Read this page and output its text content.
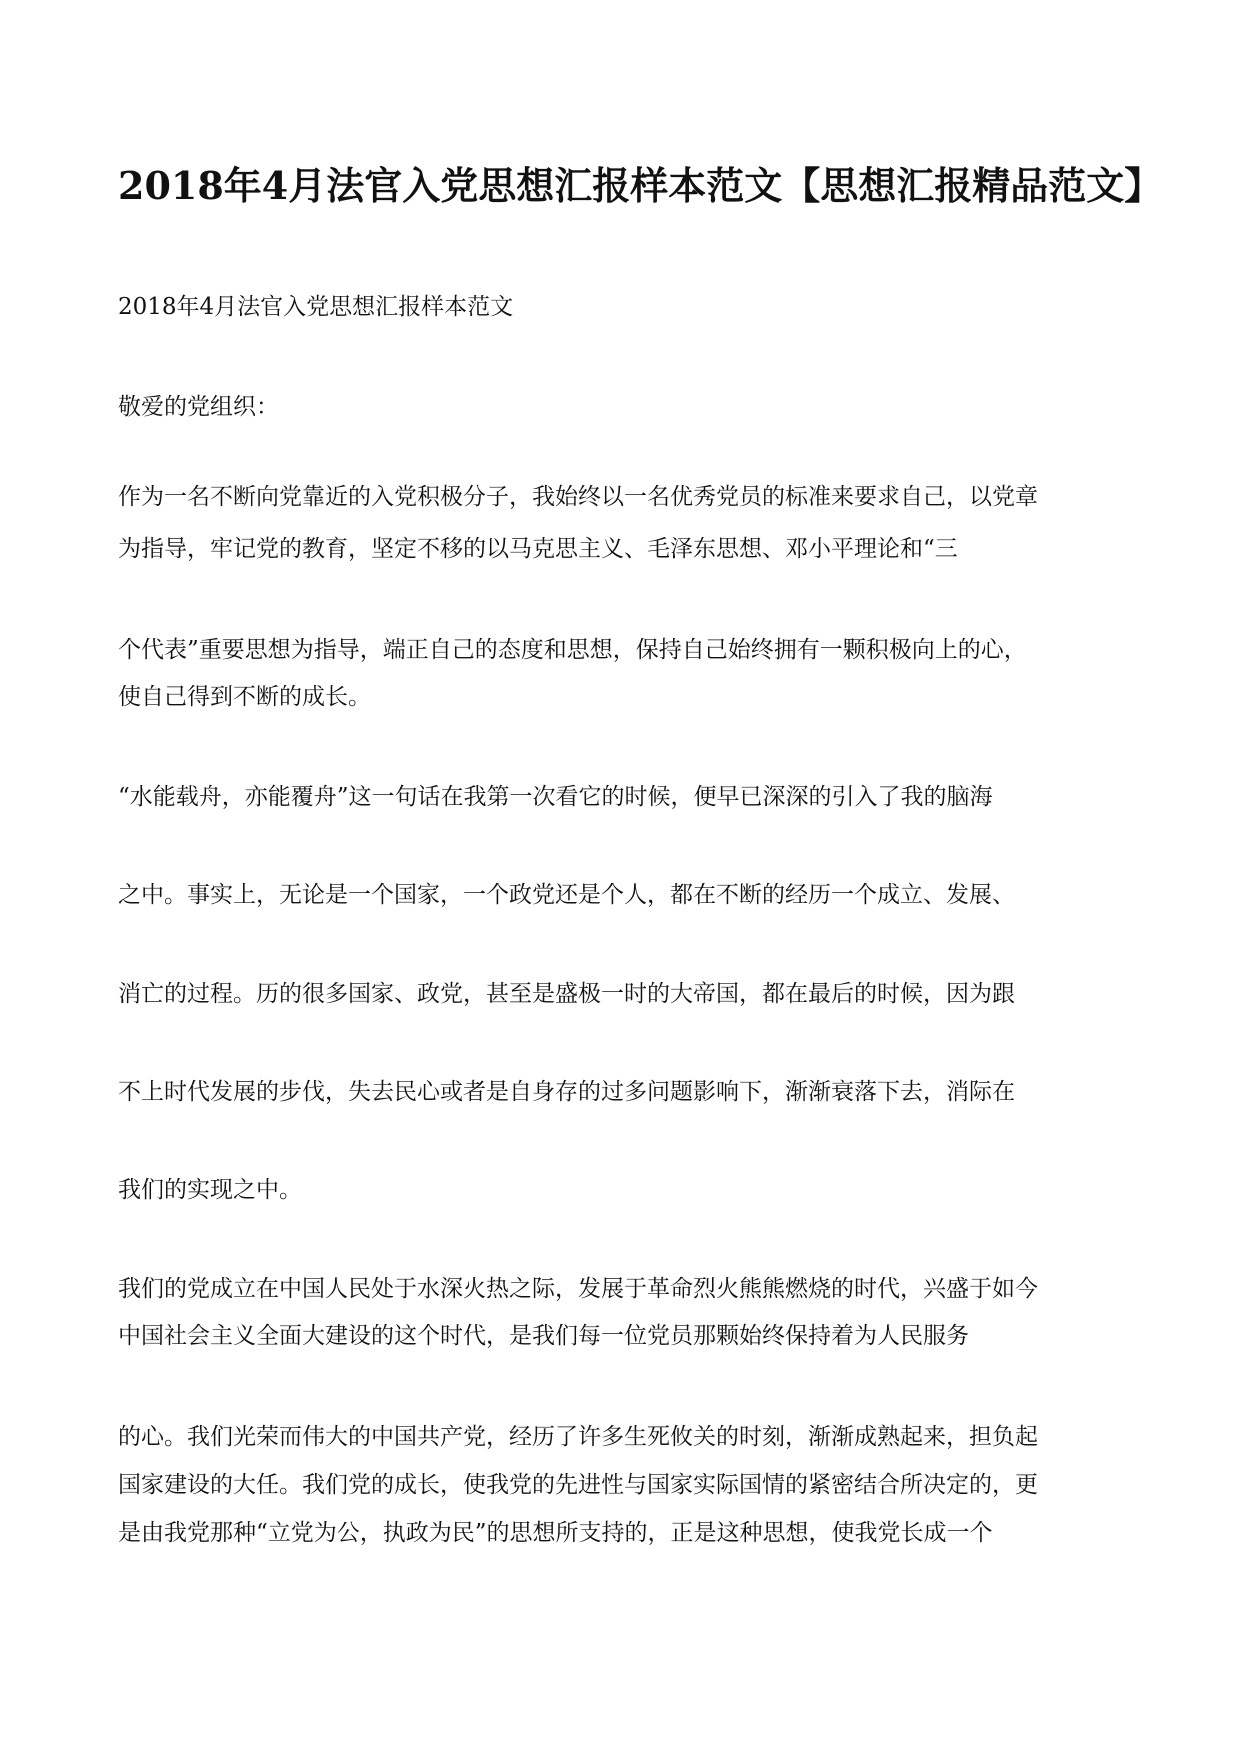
2018年4月法官入党思想汇报样本范文【思想汇报精品范文】
2018年4月法官入党思想汇报样本范文
敬爱的党组织：
作为一名不断向党靠近的入党积极分子，我始终以一名优秀党员的标准来要求自己，以党章
为指导，牢记党的教育，坚定不移的以马克思主义、毛泽东思想、邓小平理论和“三
个代表”重要思想为指导，端正自己的态度和思想，保持自己始终拥有一颗积极向上的心，
使自己得到不断的成长。
“水能载舟，亦能覆舟”这一句话在我第一次看它的时候，便早已深深的引入了我的脑海
之中。事实上，无论是一个国家，一个政党还是个人，都在不断的经历一个成立、发展、
消亡的过程。历的很多国家、政党，甚至是盛极一时的大帝国，都在最后的时候，因为跟
不上时代发展的步伐，失去民心或者是自身存的过多问题影响下，渐渐衰落下去，消际在
我们的实现之中。
我们的党成立在中国人民处于水深火热之际，发展于革命烈火熊熊燃烧的时代，兴盛于如今
中国社会主义全面大建设的这个时代，是我们每一位党员那颗始终保持着为人民服务
的心。我们光荣而伟大的中国共产党，经历了许多生死攸关的时刻，渐渐成熟起来，担负起
国家建设的大任。我们党的成长，使我党的先进性与国家实际国情的紧密结合所决定的，更
是由我党那种“立党为公，执政为民”的思想所支持的，正是这种思想，使我党长成一个
